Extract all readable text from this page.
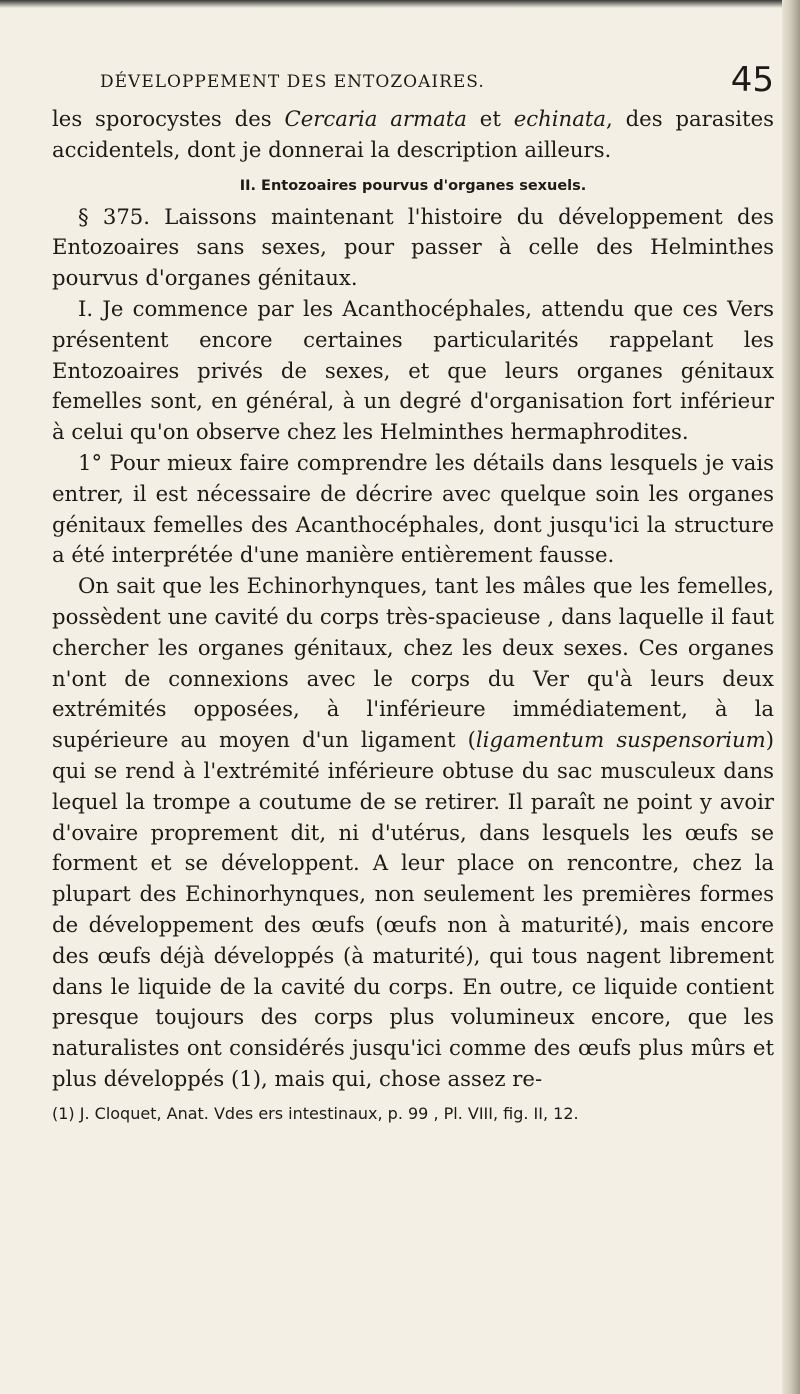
DÉVELOPPEMENT DES ENTOZOAIRES.	45

les sporocystes des Cercaria armata et echinata, des parasites accidentels, dont je donnerai la description ailleurs.

II. Entozoaires pourvus d'organes sexuels.

§ 375. Laissons maintenant l'histoire du développement des Entozoaires sans sexes, pour passer à celle des Helminthes pourvus d'organes génitaux.

I. Je commence par les Acanthocéphales, attendu que ces Vers présentent encore certaines particularités rappelant les Entozoaires privés de sexes, et que leurs organes génitaux femelles sont, en général, à un degré d'organisation fort inférieur à celui qu'on observe chez les Helminthes hermaphrodites.

1° Pour mieux faire comprendre les détails dans lesquels je vais entrer, il est nécessaire de décrire avec quelque soin les organes génitaux femelles des Acanthocéphales, dont jusqu'ici la structure a été interprétée d'une manière entièrement fausse.

On sait que les Echinorhynques, tant les mâles que les femelles, possèdent une cavité du corps très-spacieuse , dans laquelle il faut chercher les organes génitaux, chez les deux sexes. Ces organes n'ont de connexions avec le corps du Ver qu'à leurs deux extrémités opposées, à l'inférieure immédiatement, à la supérieure au moyen d'un ligament (ligamentum suspensorium) qui se rend à l'extrémité inférieure obtuse du sac musculeux dans lequel la trompe a coutume de se retirer. Il paraît ne point y avoir d'ovaire proprement dit, ni d'utérus, dans lesquels les œufs se forment et se développent. A leur place on rencontre, chez la plupart des Echinorhynques, non seulement les premières formes de développement des œufs (œufs non à maturité), mais encore des œufs déjà développés (à maturité), qui tous nagent librement dans le liquide de la cavité du corps. En outre, ce liquide contient presque toujours des corps plus volumineux encore, que les naturalistes ont considérés jusqu'ici comme des œufs plus mûrs et plus développés (1), mais qui, chose assez re-

(1) J. Cloquet, Anat. Vdes ers intestinaux, p. 99 , Pl. VIII, fig. II, 12.
